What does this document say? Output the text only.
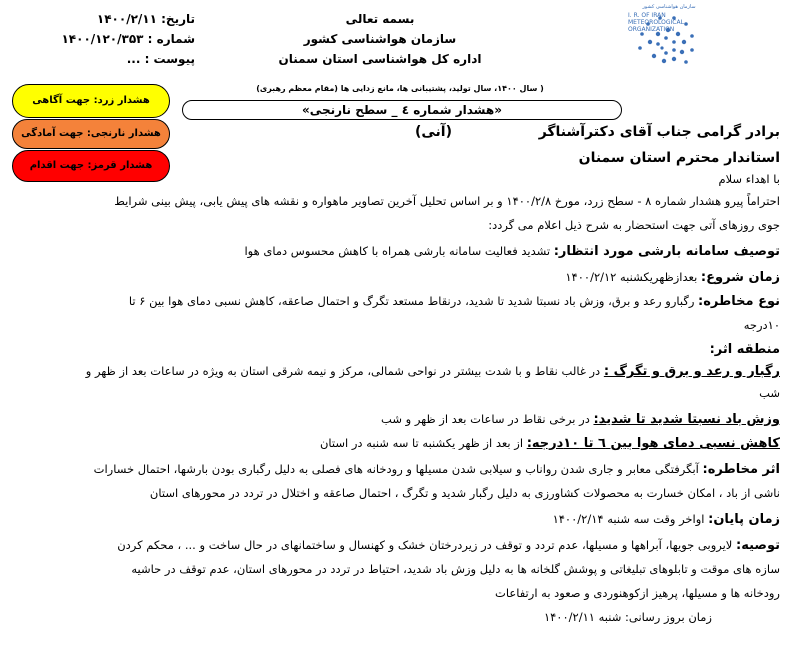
بسمه تعالی
سازمان هواشناسی کشور
اداره کل هواشناسی استان سمنان
تاریخ: ۱۴۰۰/۲/۱۱
شماره : ۱۴۰۰/۱۲۰/۳۵۳
پیوست : ...
سازمان هواشناسی کشور
I. R. OF IRAN
METEOROLOGICAL
ORGANIZATION
( سال ۱۴۰۰، سال تولید، پشتیبانی ها، مانع زدایی ها (مقام معظم رهبری)
«هشدار شماره ٤ _ سطح نارنجی»
هشدار زرد: جهت آگاهی
هشدار نارنجی: جهت آمادگی
هشدار قرمز: جهت اقدام
برادر گرامی جناب آقای دکترآشناگر
(آنی)
استاندار محترم استان سمنان
با اهداء سلام
احتراماً پیرو هشدار شماره ۸ - سطح زرد، مورخ ۱۴۰۰/۲/۸ و بر اساس تحلیل آخرین تصاویر ماهواره و نقشه های پیش یابی، پیش بینی شرایط
جوی روزهای آتی جهت استحضار به شرح ذیل اعلام می گردد:
توصیف سامانه بارشی مورد انتظار: تشدید فعالیت سامانه بارشی همراه با کاهش محسوس دمای هوا
زمان شروع: بعدازظهریکشنبه ۱۴۰۰/۲/۱۲
نوع مخاطره: رگبارو رعد و برق، وزش باد نسبتا شدید تا شدید، درنقاط مستعد تگرگ و احتمال صاعقه، کاهش نسبی دمای هوا بین ۶ تا
۱۰درجه
منطقه اثر:
رگبار و رعد و برق و تگرگ : در غالب نقاط و با شدت بیشتر در نواحی شمالی، مرکز و نیمه شرقی استان به ویژه در ساعات بعد از ظهر و
شب
وزش باد نسبتا شدید تا شدید: در برخی نقاط در ساعات بعد از ظهر و شب
کاهش نسبی دمای هوا بین ٦ تا ١٠درجه: از بعد از ظهر یکشنبه تا سه شنبه در استان
اثر مخاطره: آبگرفتگی معابر و جاری شدن رواناب و سیلابی شدن مسیلها و رودخانه های فصلی به دلیل رگباری بودن بارشها، احتمال خسارات
ناشی از باد ، امکان خسارت به محصولات کشاورزی به دلیل رگبار شدید و تگرگ ، احتمال صاعقه و اختلال در تردد در محورهای استان
زمان پایان: اواخر وقت سه شنبه ۱۴۰۰/۲/۱۴
توصیه: لایروبی جویها، آبراهها و مسیلها، عدم تردد و توقف در زیردرختان خشک و کهنسال و ساختمانهای در حال ساخت و ... ، محکم کردن
سازه های موقت و تابلوهای تبلیغاتی و پوشش گلخانه ها به دلیل وزش باد شدید، احتیاط در تردد در محورهای استان، عدم توقف در حاشیه
رودخانه ها و مسیلها، پرهیز ازکوهنوردی و صعود به ارتفاعات
زمان بروز رسانی: شنبه ۱۴۰۰/۲/۱۱
